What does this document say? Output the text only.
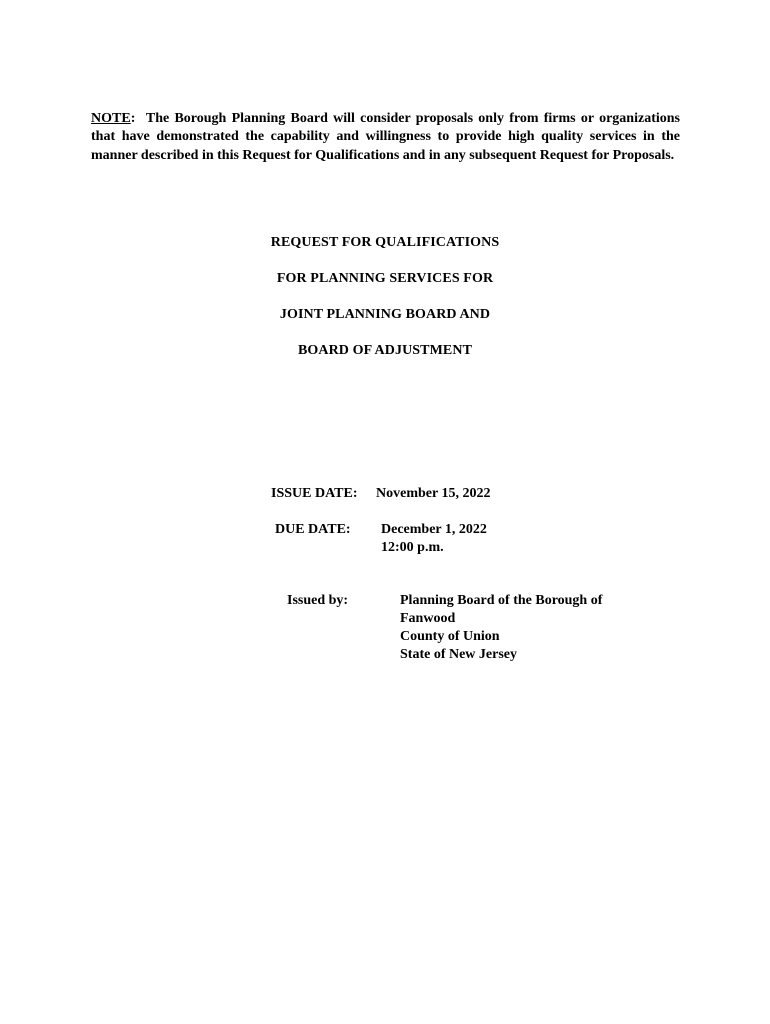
NOTE:  The Borough Planning Board will consider proposals only from firms or organizations that have demonstrated the capability and willingness to provide high quality services in the manner described in this Request for Qualifications and in any subsequent Request for Proposals.

REQUEST FOR QUALIFICATIONS

FOR PLANNING SERVICES FOR

JOINT PLANNING BOARD AND

BOARD OF ADJUSTMENT

ISSUE DATE: November 15, 2022

DUE DATE: December 1, 2022
12:00 p.m.

Issued by:	Planning Board of the Borough of
Fanwood
County of Union
State of New Jersey
